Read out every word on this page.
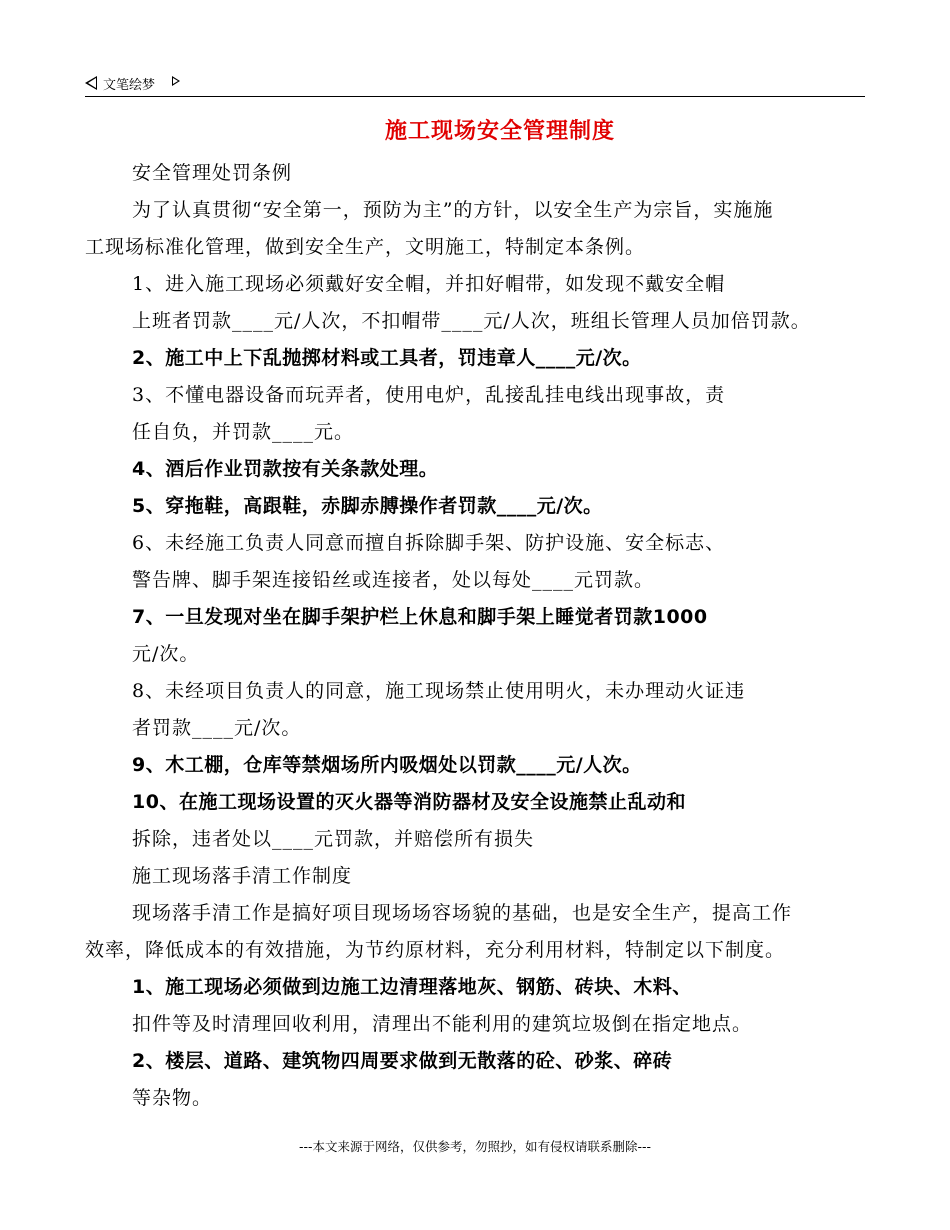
文笔绘梦
施工现场安全管理制度
安全管理处罚条例
为了认真贯彻“安全第一，预防为主”的方针，以安全生产为宗旨，实施施
工现场标准化管理，做到安全生产，文明施工，特制定本条例。
1、进入施工现场必须戴好安全帽，并扣好帽带，如发现不戴安全帽
上班者罚款____元/人次，不扣帽带____元/人次，班组长管理人员加倍罚款。
2、施工中上下乱抛掷材料或工具者，罚违章人____元/次。
3、不懂电器设备而玩弄者，使用电炉，乱接乱挂电线出现事故，责
任自负，并罚款____元。
4、酒后作业罚款按有关条款处理。
5、穿拖鞋，高跟鞋，赤脚赤膊操作者罚款____元/次。
6、未经施工负责人同意而擅自拆除脚手架、防护设施、安全标志、
警告牌、脚手架连接铅丝或连接者，处以每处____元罚款。
7、一旦发现对坐在脚手架护栏上休息和脚手架上睡觉者罚款1000
元/次。
8、未经项目负责人的同意，施工现场禁止使用明火，未办理动火证违
者罚款____元/次。
9、木工棚，仓库等禁烟场所内吸烟处以罚款____元/人次。
10、在施工现场设置的灭火器等消防器材及安全设施禁止乱动和
拆除，违者处以____元罚款，并赔偿所有损失
施工现场落手清工作制度
现场落手清工作是搞好项目现场场容场貌的基础，也是安全生产，提高工作
效率，降低成本的有效措施，为节约原材料，充分利用材料，特制定以下制度。
1、施工现场必须做到边施工边清理落地灰、钢筋、砖块、木料、
扣件等及时清理回收利用，清理出不能利用的建筑垃圾倒在指定地点。
2、楼层、道路、建筑物四周要求做到无散落的砼、砂浆、碎砖
等杂物。
---本文来源于网络，仅供参考，勿照抄，如有侵权请联系删除---
